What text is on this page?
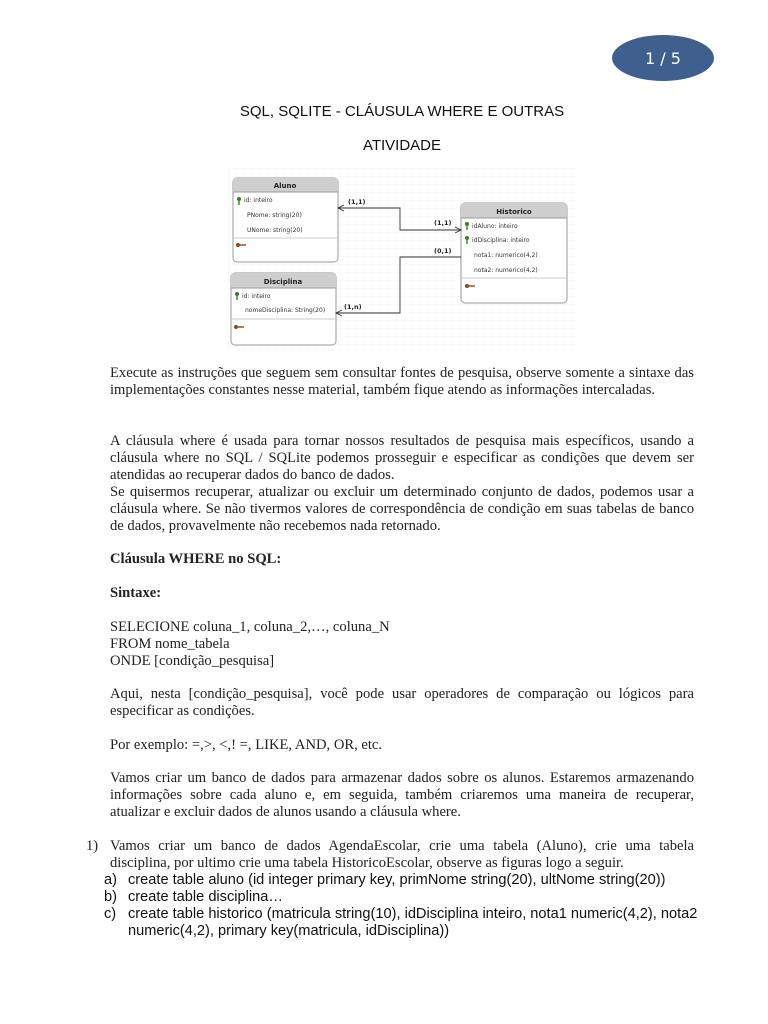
1 / 5
SQL, SQLITE - CLÁUSULA WHERE E OUTRAS
ATIVIDADE
Aluno
id: inteiro
PNome: string(20)
UNome: string(20)
Disciplina
id: inteiro
nomeDisciplina: String(20)
Historico
idAluno: inteiro
idDisciplina: inteiro
nota1: numerico(4,2)
nota2: numerico(4,2)
(1,1)
(1,1)
(0,1)
(1,n)

Execute as instruções que seguem sem consultar fontes de pesquisa, observe somente a sintaxe das implementações constantes nesse material, também fique atendo as informações intercaladas.

A cláusula where é usada para tornar nossos resultados de pesquisa mais específicos, usando a cláusula where no SQL / SQLite podemos prosseguir e especificar as condições que devem ser atendidas ao recuperar dados do banco de dados.

Se quisermos recuperar, atualizar ou excluir um determinado conjunto de dados, podemos usar a cláusula where. Se não tivermos valores de correspondência de condição em suas tabelas de banco de dados, provavelmente não recebemos nada retornado.

Cláusula WHERE no SQL:
Sintaxe:

SELECIONE coluna_1, coluna_2,…, coluna_N

FROM nome_tabela

ONDE [condição_pesquisa]

Aqui, nesta [condição_pesquisa], você pode usar operadores de comparação ou lógicos para especificar as condições.

Por exemplo: =,>, <,! =, LIKE, AND, OR, etc.

Vamos criar um banco de dados para armazenar dados sobre os alunos. Estaremos armazenando informações sobre cada aluno e, em seguida, também criaremos uma maneira de recuperar, atualizar e excluir dados de alunos usando a cláusula where.

1) Vamos criar um banco de dados AgendaEscolar, crie uma tabela (Aluno), crie uma tabela disciplina, por ultimo crie uma tabela HistoricoEscolar, observe as figuras logo a seguir.

a) create table aluno (id integer primary key, primNome string(20), ultNome string(20))
b) create table disciplina…
c) create table historico (matricula string(10), idDisciplina inteiro, nota1 numeric(4,2), nota2
numeric(4,2), primary key(matricula, idDisciplina))
